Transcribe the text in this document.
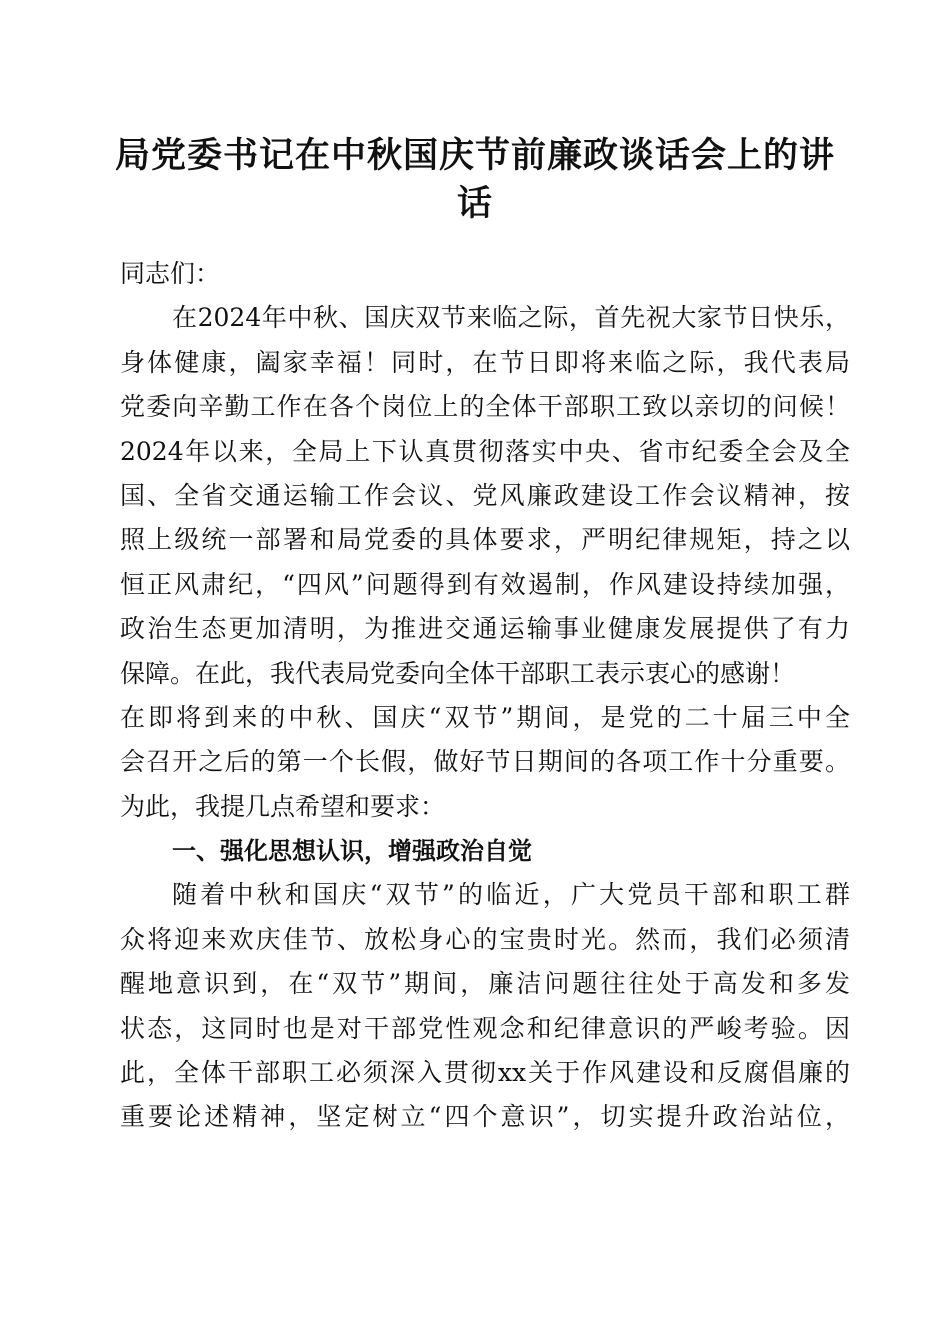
局党委书记在中秋国庆节前廉政谈话会上的讲
话
同志们：
在2024年中秋、国庆双节来临之际，首先祝大家节日快乐，
身体健康，阖家幸福！同时，在节日即将来临之际，我代表局
党委向辛勤工作在各个岗位上的全体干部职工致以亲切的问候！
2024年以来，全局上下认真贯彻落实中央、省市纪委全会及全
国、全省交通运输工作会议、党风廉政建设工作会议精神，按
照上级统一部署和局党委的具体要求，严明纪律规矩，持之以
恒正风肃纪，“四风”问题得到有效遏制，作风建设持续加强，
政治生态更加清明，为推进交通运输事业健康发展提供了有力
保障。在此，我代表局党委向全体干部职工表示衷心的感谢！
在即将到来的中秋、国庆“双节”期间，是党的二十届三中全
会召开之后的第一个长假，做好节日期间的各项工作十分重要。
为此，我提几点希望和要求：
一、强化思想认识，增强政治自觉
随着中秋和国庆“双节”的临近，广大党员干部和职工群
众将迎来欢庆佳节、放松身心的宝贵时光。然而，我们必须清
醒地意识到，在“双节”期间，廉洁问题往往处于高发和多发
状态，这同时也是对干部党性观念和纪律意识的严峻考验。因
此，全体干部职工必须深入贯彻xx关于作风建设和反腐倡廉的
重要论述精神，坚定树立“四个意识”，切实提升政治站位，
